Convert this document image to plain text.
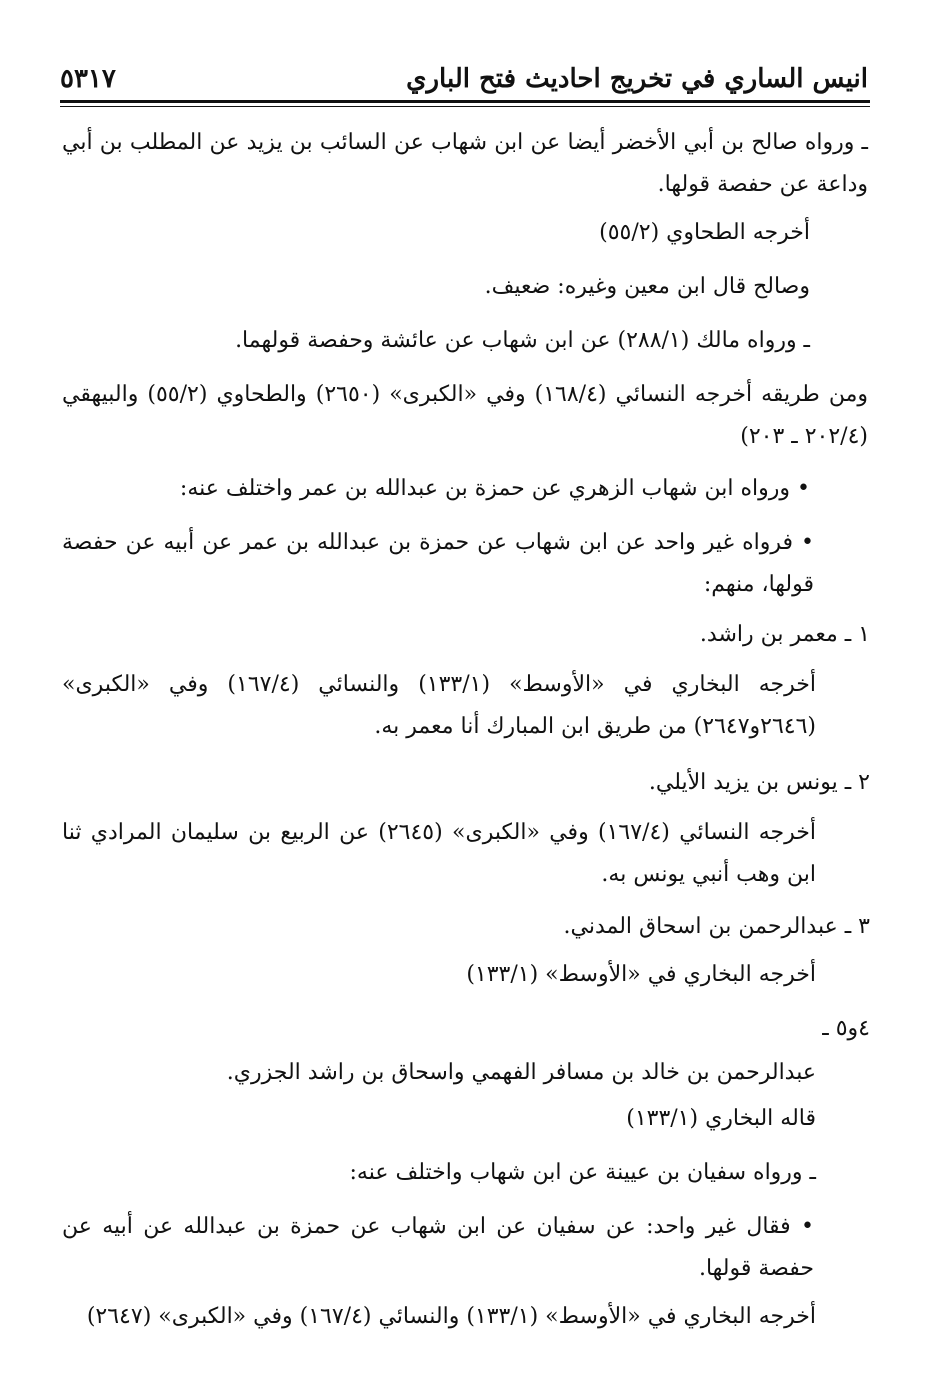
انيس الساري في تخريج احاديث فتح الباري
٥٣١٧
ـ ورواه صالح بن أبي الأخضر أيضا عن ابن شهاب عن السائب بن يزيد عن المطلب بن أبي وداعة عن حفصة قولها.
أخرجه الطحاوي (٥٥/٢)
وصالح قال ابن معين وغيره: ضعيف.
ـ ورواه مالك (٢٨٨/١) عن ابن شهاب عن عائشة وحفصة قولهما.
ومن طريقه أخرجه النسائي (١٦٨/٤) وفي «الكبرى» (٢٦٥٠) والطحاوي (٥٥/٢) والبيهقي (٢٠٢/٤ ـ ٢٠٣)
• ورواه ابن شهاب الزهري عن حمزة بن عبدالله بن عمر واختلف عنه:
• فرواه غير واحد عن ابن شهاب عن حمزة بن عبدالله بن عمر عن أبيه عن حفصة قولها، منهم:
١ ـ معمر بن راشد.
أخرجه البخاري في «الأوسط» (١٣٣/١) والنسائي (١٦٧/٤) وفي «الكبرى» (٢٦٤٦و٢٦٤٧) من طريق ابن المبارك أنا معمر به.
٢ ـ يونس بن يزيد الأيلي.
أخرجه النسائي (١٦٧/٤) وفي «الكبرى» (٢٦٤٥) عن الربيع بن سليمان المرادي ثنا ابن وهب أنبي يونس به.
٣ ـ عبدالرحمن بن اسحاق المدني.
أخرجه البخاري في «الأوسط» (١٣٣/١)
٤و٥ ـ
عبدالرحمن بن خالد بن مسافر الفهمي واسحاق بن راشد الجزري.
قاله البخاري (١٣٣/١)
ـ ورواه سفيان بن عيينة عن ابن شهاب واختلف عنه:
• فقال غير واحد: عن سفيان عن ابن شهاب عن حمزة بن عبدالله عن أبيه عن حفصة قولها.
أخرجه البخاري في «الأوسط» (١٣٣/١) والنسائي (١٦٧/٤) وفي «الكبرى» (٢٦٤٧)
